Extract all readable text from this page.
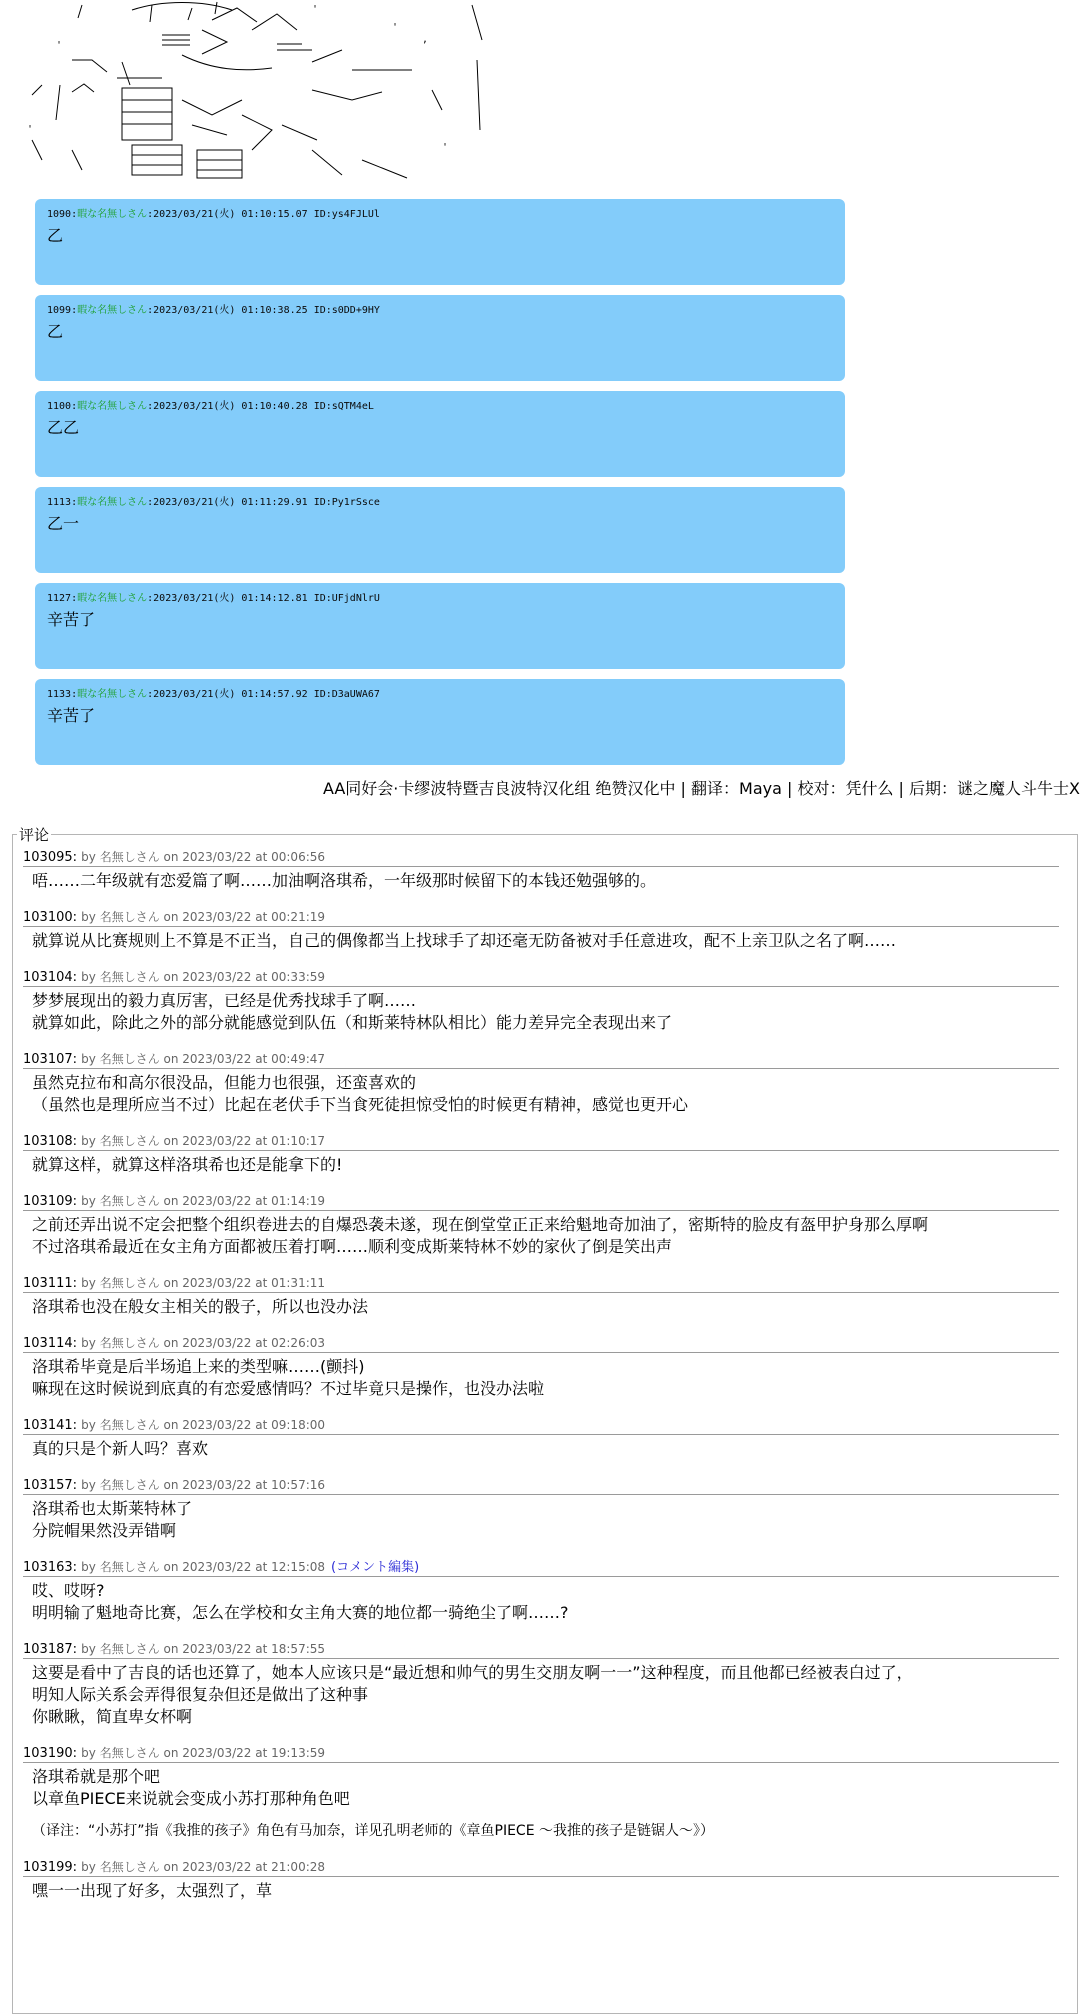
'
'
'
,
'
'
1090:暇な名無しさん:2023/03/21(火) 01:10:15.07 ID:ys4FJLUl
乙
1099:暇な名無しさん:2023/03/21(火) 01:10:38.25 ID:s0DD+9HY
乙
1100:暇な名無しさん:2023/03/21(火) 01:10:40.28 ID:sQTM4eL
乙乙
1113:暇な名無しさん:2023/03/21(火) 01:11:29.91 ID:Py1rSsce
乙一
1127:暇な名無しさん:2023/03/21(火) 01:14:12.81 ID:UFjdNlrU
辛苦了
1133:暇な名無しさん:2023/03/21(火) 01:14:57.92 ID:D3aUWA67
辛苦了
AA同好会·卡缪波特暨吉良波特汉化组 绝赞汉化中 | 翻译：Maya | 校对：凭什么 | 后期：谜之魔人斗牛士X
评论
103095: by 名無しさん on 2023/03/22 at 00:06:56
唔……二年级就有恋爱篇了啊……加油啊洛琪希，一年级那时候留下的本钱还勉强够的。
103100: by 名無しさん on 2023/03/22 at 00:21:19
就算说从比赛规则上不算是不正当，自己的偶像都当上找球手了却还毫无防备被对手任意进攻，配不上亲卫队之名了啊……
103104: by 名無しさん on 2023/03/22 at 00:33:59
梦梦展现出的毅力真厉害，已经是优秀找球手了啊……
就算如此，除此之外的部分就能感觉到队伍（和斯莱特林队相比）能力差异完全表现出来了
103107: by 名無しさん on 2023/03/22 at 00:49:47
虽然克拉布和高尔很没品，但能力也很强，还蛮喜欢的
（虽然也是理所应当不过）比起在老伏手下当食死徒担惊受怕的时候更有精神，感觉也更开心
103108: by 名無しさん on 2023/03/22 at 01:10:17
就算这样，就算这样洛琪希也还是能拿下的!
103109: by 名無しさん on 2023/03/22 at 01:14:19
之前还弄出说不定会把整个组织卷进去的自爆恐袭未遂，现在倒堂堂正正来给魁地奇加油了，密斯特的脸皮有盔甲护身那么厚啊
不过洛琪希最近在女主角方面都被压着打啊……顺利变成斯莱特林不妙的家伙了倒是笑出声
103111: by 名無しさん on 2023/03/22 at 01:31:11
洛琪希也没在般女主相关的骰子，所以也没办法
103114: by 名無しさん on 2023/03/22 at 02:26:03
洛琪希毕竟是后半场追上来的类型嘛……(颤抖)
嘛现在这时候说到底真的有恋爱感情吗？不过毕竟只是操作，也没办法啦
103141: by 名無しさん on 2023/03/22 at 09:18:00
真的只是个新人吗？喜欢
103157: by 名無しさん on 2023/03/22 at 10:57:16
洛琪希也太斯莱特林了
分院帽果然没弄错啊
103163: by 名無しさん on 2023/03/22 at 12:15:08 (コメント編集)
哎、哎呀?
明明输了魁地奇比赛，怎么在学校和女主角大赛的地位都一骑绝尘了啊……?
103187: by 名無しさん on 2023/03/22 at 18:57:55
这要是看中了吉良的话也还算了，她本人应该只是“最近想和帅气的男生交朋友啊一一”这种程度，而且他都已经被表白过了，
明知人际关系会弄得很复杂但还是做出了这种事
你瞅瞅，简直卑女杯啊
103190: by 名無しさん on 2023/03/22 at 19:13:59
洛琪希就是那个吧
以章鱼PIECE来说就会变成小苏打那种角色吧
（译注：“小苏打”指《我推的孩子》角色有马加奈，详见孔明老师的《章鱼PIECE ～我推的孩子是链锯人～》）
103199: by 名無しさん on 2023/03/22 at 21:00:28
嘿一一出现了好多，太强烈了，草
